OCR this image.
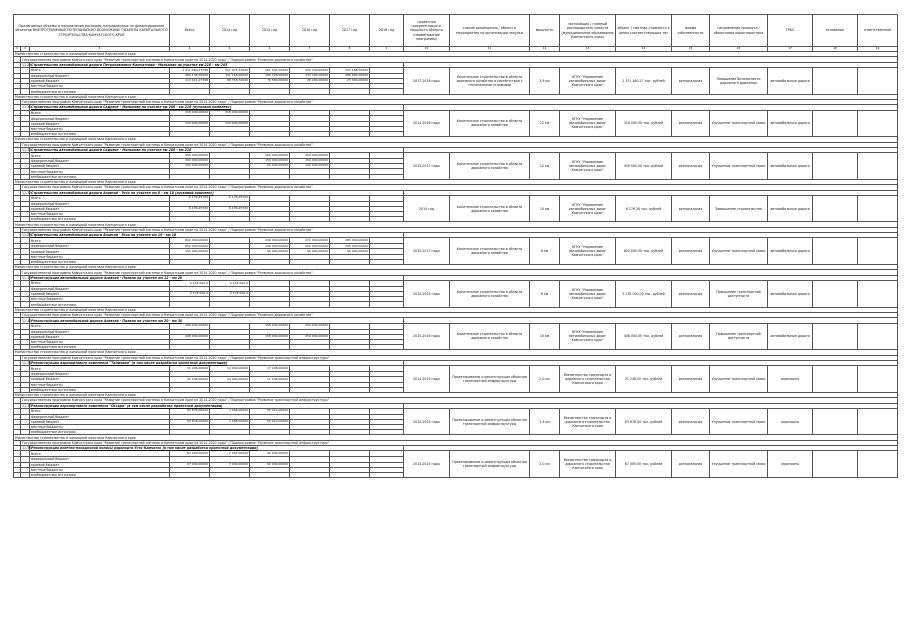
Прилагаемые объемы и направления расходов, направленных на финансирование объектов ВНЕПРОГРАММНЫЕ ПОТЕНЦИАЛЬНО ВОЗМОЖНЫЕ ОБЪЕКТЫ КАПИТАЛЬНОГО СТРОИТЕЛЬСТВА КАМЧАТСКОГО КРАЯ			Всего	2014 год	2015 год	2016 год	2017 год	2018 год	проектная документация и мощность объекта (наименование программы)	способ размещения / объект и мероприятия по организации закупки	мощность	застройщик / главный распорядитель средств (муниципальное образование Камчатского края)	объект / сметная стоимость в ценах соответствующих лет	форма собственности	направление прироста / объектовая характеристика	ГРБС	основание	ответственный	
1	2	3	4	5	6	7	8	9	10	11	12	13	14	15	16	17	18	19	
Министерство строительства и жилищной политики Камчатского края																			
	Государственная программа Камчатского края "Развитие транспортной системы в Камчатском крае на 2014-2020 годы" / Подпрограмма "Развитие дорожного хозяйства"																		
	11.29	Строительство автомобильной дороги Петропавловск-Камчатский - Мильково на участке км 216 - км 243																	
		Всего	1 211 460,27398	511 475,74000	261 502,00000	250 330,00000	235 186,00000		2017-2018 годы	Капитальное строительство в области дорожного хозяйства в соответствии с техническими условиями	3,9 км	КГКУ "Управление автомобильных дорог Камчатского края"	1 311 460,27 тыс. рублей	региональная	Повышение безопасности дорожного движения	автомобильные дороги			
		федеральный бюджет	460 138,00000	131 218,00000	169 328,00000	133 330,00000	288 900,00000												
		краевой бюджет	113 011,27398	98 318,74000	76 580,00000	26 200,00000	23 300,00000												
		местные бюджеты																	
		внебюджетные источники																	
Министерство строительства и жилищной политики Камчатского края																			
	Государственная программа Камчатского края "Развитие транспортной системы в Камчатском крае на 2014-2020 годы" / Подпрограмма "Развитие дорожного хозяйства"																		
	11.30	Строительство автомобильной дороги Садовое - Мильково на участке км 206 - км 218 (пусковой комплекс)																	
		Всего	318 000,00000	318 000,00000					2014-2016 годы	Капитальное строительство в области дорожного хозяйства	12 км	КГКУ "Управление автомобильных дорог Камчатского края"	318 000,00 тыс. рублей	региональная	Улучшение транспортной связи	автомобильные дороги			
		федеральный бюджет																	
		краевой бюджет	318 000,00000	318 000,00000															
		местные бюджеты																	
		внебюджетные источники																	
Министерство строительства и жилищной политики Камчатского края																			
	Государственная программа Камчатского края "Развитие транспортной системы в Камчатском крае на 2014-2020 годы" / Подпрограмма "Развитие дорожного хозяйства"																		
	11.31	Строительство автомобильной дороги Садовое - Мильково на участке км 206 - км 218																	
		Всего	450 000,00000		200 000,00000	250 000,00000			2015-2017 годы	Капитальное строительство в области дорожного хозяйства	12 км	КГКУ "Управление автомобильных дорог Камчатского края"	450 000,00 тыс. рублей	региональная	Улучшение транспортной связи	автомобильные дороги			
		федеральный бюджет	300 000,00000		150 000,00000	150 000,00000													
		краевой бюджет	150 000,00000		50 000,00000	100 000,00000													
		местные бюджеты																	
		внебюджетные источники																	
Министерство строительства и жилищной политики Камчатского края																			
	Государственная программа Камчатского края "Развитие транспортной системы в Камчатском крае на 2014-2020 годы" / Подпрограмма "Развитие дорожного хозяйства"																		
	11.32	Строительство автомобильной дороги Анавгай - Эссо на участке км 0 - км 10 (пусковой комплекс)																	
		Всего	6 176,25700	6 176,25700					2014 год	Капитальное строительство в области дорожного хозяйства	10 км	КГКУ "Управление автомобильных дорог Камчатского края"	6 176,26 тыс. рублей	региональная	Завершение строительства	автомобильные дороги			
		федеральный бюджет																	
		краевой бюджет	6 176,25700	6 176,25700															
		местные бюджеты																	
		внебюджетные источники																	
Министерство строительства и жилищной политики Камчатского края																			
	Государственная программа Камчатского края "Развитие транспортной системы в Камчатском крае на 2014-2020 годы" / Подпрограмма "Развитие дорожного хозяйства"																		
	11.33	Строительство автомобильной дороги Анавгай - Эссо на участке км 10 - км 18																	
		Всего	802 000,00000		246 000,00000	271 000,00000	285 000,00000		2015-2017 годы	Капитальное строительство в области дорожного хозяйства	8 км	КГКУ "Управление автомобильных дорог Камчатского края"	802 000,00 тыс. рублей	региональная	Улучшение транспортной связи	автомобильные дороги			
		федеральный бюджет	652 000,00000		196 000,00000	221 000,00000	235 000,00000												
		краевой бюджет	150 000,00000		50 000,00000	50 000,00000	50 000,00000												
		местные бюджеты																	
		внебюджетные источники																	
Министерство строительства и жилищной политики Камчатского края																			
	Государственная программа Камчатского края "Развитие транспортной системы в Камчатском крае на 2014-2020 годы" / Подпрограмма "Развитие дорожного хозяйства"																		
	11.34	Реконструкция автомобильной дороги Анавгай - Палана на участке км 12 - км 20																	
		Всего	2 178 000,0	2 178 000,0					2014-2015 годы	Капитальное строительство в области дорожного хозяйства	8 км	КГКУ "Управление автомобильных дорог Камчатского края"	2 178 000,00 тыс. рублей	региональная	Повышение транспортной доступности	автомобильные дороги			
		федеральный бюджет																	
		краевой бюджет	2 178 000,0	2 178 000,0															
		местные бюджеты																	
		внебюджетные источники																	
Министерство строительства и жилищной политики Камчатского края																			
	Государственная программа Камчатского края "Развитие транспортной системы в Камчатском крае на 2014-2020 годы" / Подпрограмма "Развитие дорожного хозяйства"																		
	11.35	Реконструкция автомобильной дороги Анавгай - Палана на участке км 20 - км 30																	
		Всего	408 000,00000		158 000,00000	250 000,00000			2015-2016 годы	Капитальное строительство в области дорожного хозяйства	10 км	КГКУ "Управление автомобильных дорог Камчатского края"	408 000,00 тыс. рублей	региональная	Повышение транспортной доступности	автомобильные дороги			
		федеральный бюджет																	
		краевой бюджет	408 000,00000		158 000,00000	250 000,00000													
		местные бюджеты																	
		внебюджетные источники																	
Министерство строительства и жилищной политики Камчатского края																			
	Государственная программа Камчатского края "Развитие транспортной системы в Камчатском крае на 2014-2020 годы" / Подпрограмма "Развитие транспортной инфраструктуры"																		
	11.36	Реконструкция аэропортового комплекса "Тиличики" (в том числе разработка проектной документации)																	
		Всего	31 248,00000	14 000,00000	17 248,00000				2014-2015 годы	Проектирование и реконструкция объектов транспортной инфраструктуры	2,0 км	Министерство транспорта и дорожного строительства Камчатского края	31 248,00 тыс. рублей	региональная	Улучшение транспортной связи	аэропорты			
		федеральный бюджет																	
		краевой бюджет	31 248,00000	14 000,00000	17 248,00000														
		местные бюджеты																	
		внебюджетные источники																	
Министерство строительства и жилищной политики Камчатского края																			
	Государственная программа Камчатского края "Развитие транспортной системы в Камчатском крае на 2014-2020 годы" / Подпрограмма "Развитие транспортной инфраструктуры"																		
	11.37	Реконструкция аэропортового комплекса "Оссора" (в том числе разработка проектной документации)																	
		Всего	63 878,00000	7 468,00000	56 410,00000				2014-2015 годы	Проектирование и реконструкция объектов транспортной инфраструктуры	1,4 км	Министерство транспорта и дорожного строительства Камчатского края	63 878,00 тыс. рублей	региональная	Улучшение транспортной связи	аэропорты			
		федеральный бюджет																	
		краевой бюджет	63 878,00000	7 468,00000	56 410,00000														
		местные бюджеты																	
		внебюджетные источники																	
Министерство строительства и жилищной политики Камчатского края																			
	Государственная программа Камчатского края "Развитие транспортной системы в Камчатском крае на 2014-2020 годы" / Подпрограмма "Развитие транспортной инфраструктуры"																		
	11.38	Реконструкция взлетно-посадочной полосы аэропорта Усть-Камчатск (в том числе разработка проектной документации)																	
		Всего	67 000,00000	7 000,00000	60 000,00000				2014-2015 годы	Проектирование и реконструкция объектов транспортной инфраструктуры	2,0 км	Министерство транспорта и дорожного строительства Камчатского края	67 000,00 тыс. рублей	региональная	Улучшение транспортной связи	аэропорты			
		федеральный бюджет																	
		краевой бюджет	67 000,00000	7 000,00000	60 000,00000														
		местные бюджеты																	
		внебюджетные источники																	
